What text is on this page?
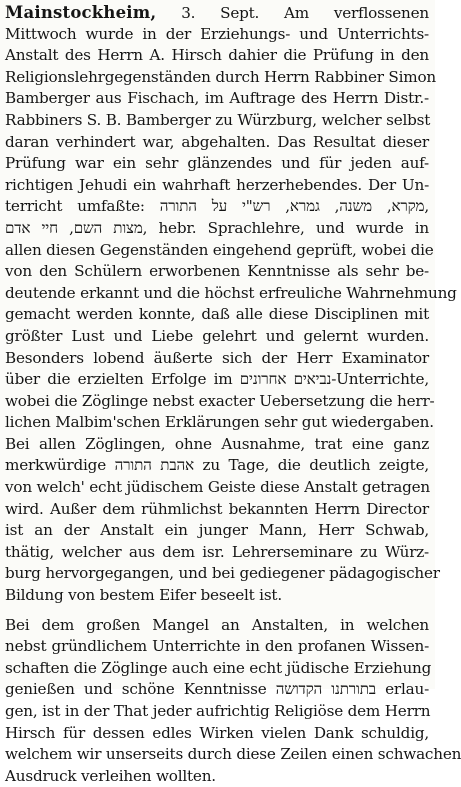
Mainstockheim, 3. Sept. Am verflossenen
Mittwoch wurde in der Erziehungs- und Unterrichts-
Anstalt des Herrn A. Hirsch dahier die Prüfung in den
Religionslehrgegenständen durch Herrn Rabbiner Simon
Bamberger aus Fischach, im Auftrage des Herrn Distr.-
Rabbiners S. B. Bamberger zu Würzburg, welcher selbst
daran verhindert war, abgehalten. Das Resultat dieser
Prüfung war ein sehr glänzendes und für jeden auf-
richtigen Jehudi ein wahrhaft herzerhebendes. Der Un-
terricht umfaßte: מקרא, משנה, גמרא, רש"י על התורה,
מצות השם, חיי אדם, hebr. Sprachlehre, und wurde in
allen diesen Gegenständen eingehend geprüft, wobei die
von den Schülern erworbenen Kenntnisse als sehr be-
deutende erkannt und die höchst erfreuliche Wahrnehmung
gemacht werden konnte, daß alle diese Disciplinen mit
größter Lust und Liebe gelehrt und gelernt wurden.
Besonders lobend äußerte sich der Herr Examinator
über die erzielten Erfolge im נביאים אחרונים-Unterrichte,
wobei die Zöglinge nebst exacter Uebersetzung die herr-
lichen Malbim'schen Erklärungen sehr gut wiedergaben.
Bei allen Zöglingen, ohne Ausnahme, trat eine ganz
merkwürdige אהבת התורה zu Tage, die deutlich zeigte,
von welch' echt jüdischem Geiste diese Anstalt getragen
wird. Außer dem rühmlichst bekannten Herrn Director
ist an der Anstalt ein junger Mann, Herr Schwab,
thätig, welcher aus dem isr. Lehrerseminare zu Würz-
burg hervorgegangen, und bei gediegener pädagogischer
Bildung von bestem Eifer beseelt ist.
Bei dem großen Mangel an Anstalten, in welchen
nebst gründlichem Unterrichte in den profanen Wissen-
schaften die Zöglinge auch eine echt jüdische Erziehung
genießen und schöne Kenntnisse בתורתנו הקדושה erlau-
gen, ist in der That jeder aufrichtig Religiöse dem Herrn
Hirsch für dessen edles Wirken vielen Dank schuldig,
welchem wir unserseits durch diese Zeilen einen schwachen
Ausdruck verleihen wollten.
